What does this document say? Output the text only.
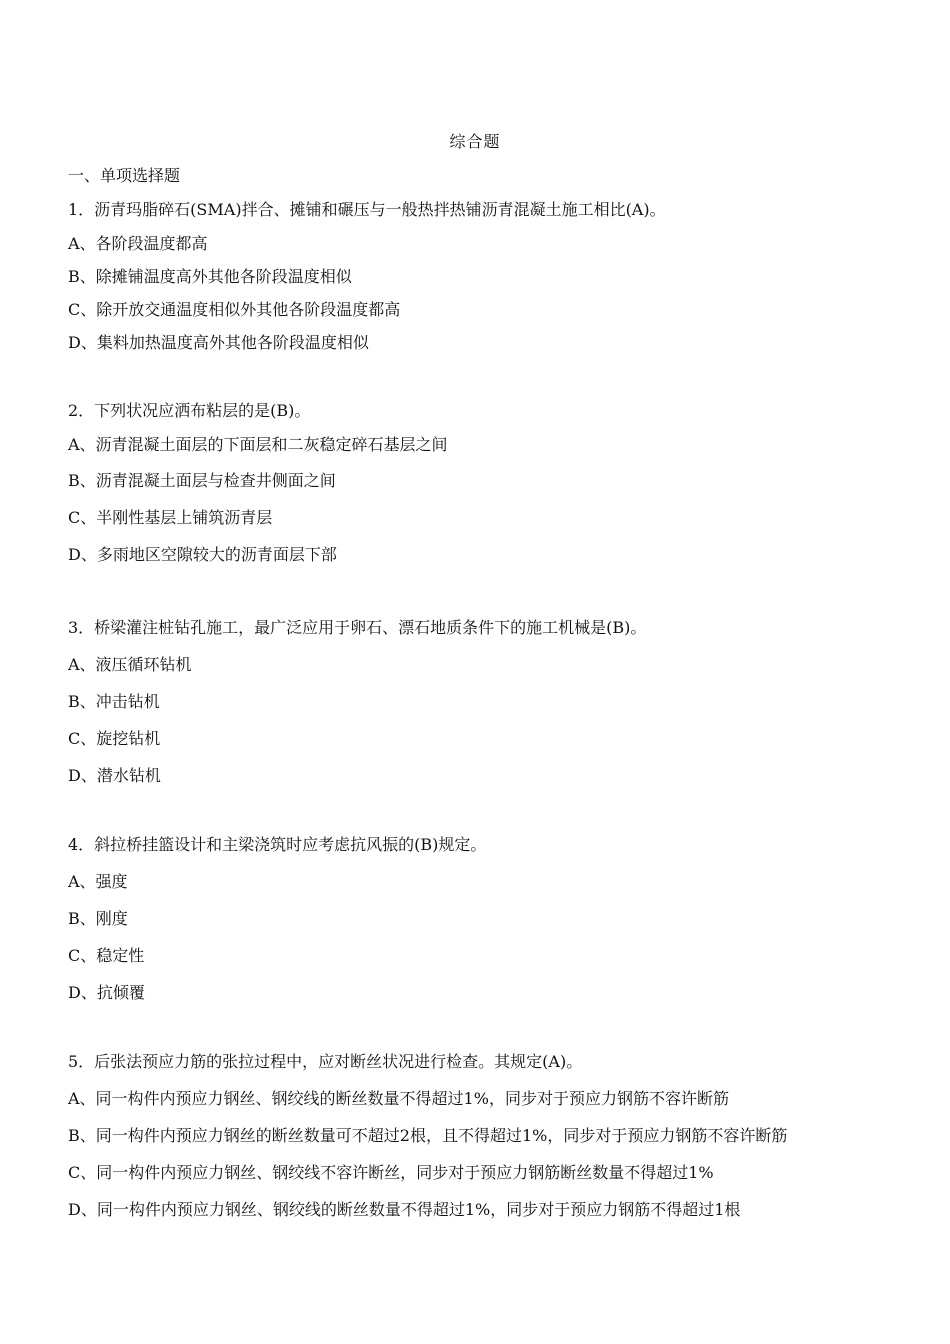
综合题
一、单项选择题
1．沥青玛脂碎石(SMA)拌合、摊铺和碾压与一般热拌热铺沥青混凝土施工相比(A)。
A、各阶段温度都高
B、除摊铺温度高外其他各阶段温度相似
C、除开放交通温度相似外其他各阶段温度都高
D、集料加热温度高外其他各阶段温度相似
2．下列状况应洒布粘层的是(B)。
A、沥青混凝土面层的下面层和二灰稳定碎石基层之间
B、沥青混凝土面层与检查井侧面之间
C、半刚性基层上铺筑沥青层
D、多雨地区空隙较大的沥青面层下部
3．桥梁灌注桩钻孔施工，最广泛应用于卵石、漂石地质条件下的施工机械是(B)。
A、液压循环钻机
B、冲击钻机
C、旋挖钻机
D、潜水钻机
4．斜拉桥挂篮设计和主梁浇筑时应考虑抗风振的(B)规定。
A、强度
B、刚度
C、稳定性
D、抗倾覆
5．后张法预应力筋的张拉过程中，应对断丝状况进行检查。其规定(A)。
A、同一构件内预应力钢丝、钢绞线的断丝数量不得超过1%，同步对于预应力钢筋不容许断筋
B、同一构件内预应力钢丝的断丝数量可不超过2根，且不得超过1%，同步对于预应力钢筋不容许断筋
C、同一构件内预应力钢丝、钢绞线不容许断丝，同步对于预应力钢筋断丝数量不得超过1%
D、同一构件内预应力钢丝、钢绞线的断丝数量不得超过1%，同步对于预应力钢筋不得超过1根
